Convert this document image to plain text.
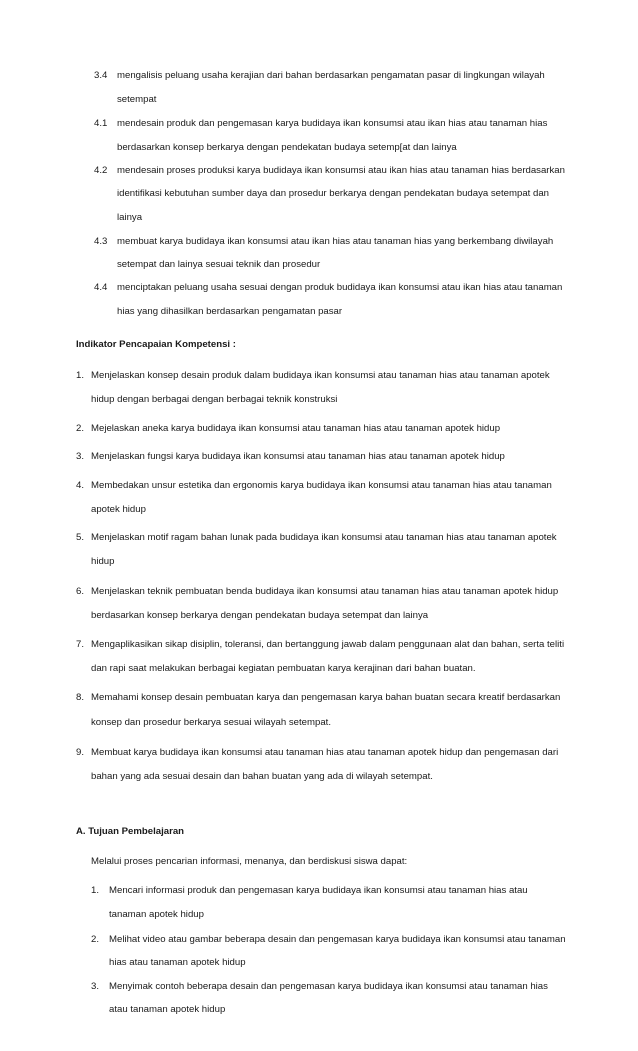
3.4 mengalisis peluang usaha kerajian dari bahan berdasarkan pengamatan pasar di lingkungan wilayah
setempat
4.1 mendesain produk dan pengemasan karya budidaya ikan konsumsi atau ikan hias atau tanaman hias
berdasarkan konsep berkarya dengan pendekatan budaya setemp[at dan lainya
4.2 mendesain proses produksi karya budidaya ikan konsumsi atau ikan hias atau tanaman hias berdasarkan
identifikasi kebutuhan sumber daya dan prosedur berkarya dengan pendekatan budaya setempat dan
lainya
4.3 membuat karya budidaya ikan konsumsi atau ikan hias atau tanaman hias yang berkembang diwilayah
setempat dan lainya sesuai teknik dan prosedur
4.4 menciptakan peluang usaha sesuai dengan produk budidaya ikan konsumsi atau ikan hias atau tanaman
hias yang dihasilkan berdasarkan pengamatan pasar
Indikator Pencapaian Kompetensi :
1. Menjelaskan konsep desain produk dalam budidaya ikan konsumsi atau tanaman hias atau tanaman apotek
hidup dengan berbagai dengan berbagai teknik konstruksi
2. Mejelaskan aneka karya budidaya ikan konsumsi atau tanaman hias atau tanaman apotek hidup
3. Menjelaskan fungsi karya budidaya ikan konsumsi atau tanaman hias atau tanaman apotek hidup
4. Membedakan unsur estetika dan ergonomis karya budidaya ikan konsumsi atau tanaman hias atau tanaman
apotek hidup
5. Menjelaskan motif ragam bahan lunak pada budidaya ikan konsumsi atau tanaman hias atau tanaman apotek
hidup
6. Menjelaskan teknik pembuatan benda budidaya ikan konsumsi atau tanaman hias atau tanaman apotek hidup
berdasarkan konsep berkarya dengan pendekatan budaya setempat dan lainya
7. Mengaplikasikan sikap disiplin, toleransi, dan bertanggung jawab dalam penggunaan alat dan bahan, serta teliti
dan rapi saat melakukan berbagai kegiatan pembuatan karya kerajinan dari bahan buatan.
8. Memahami konsep desain pembuatan karya dan pengemasan karya bahan buatan secara kreatif berdasarkan
konsep dan prosedur berkarya sesuai wilayah setempat.
9. Membuat karya budidaya ikan konsumsi atau tanaman hias atau tanaman apotek hidup dan pengemasan dari
bahan yang ada sesuai desain dan bahan buatan yang ada di wilayah setempat.
A. Tujuan Pembelajaran
Melalui proses pencarian informasi, menanya, dan berdiskusi siswa dapat:
1. Mencari informasi produk dan pengemasan karya budidaya ikan konsumsi atau tanaman hias atau
tanaman apotek hidup
2. Melihat video atau gambar beberapa desain dan pengemasan karya budidaya ikan konsumsi atau tanaman
hias atau tanaman apotek hidup
3. Menyimak contoh beberapa desain dan pengemasan karya budidaya ikan konsumsi atau tanaman hias
atau tanaman apotek hidup
